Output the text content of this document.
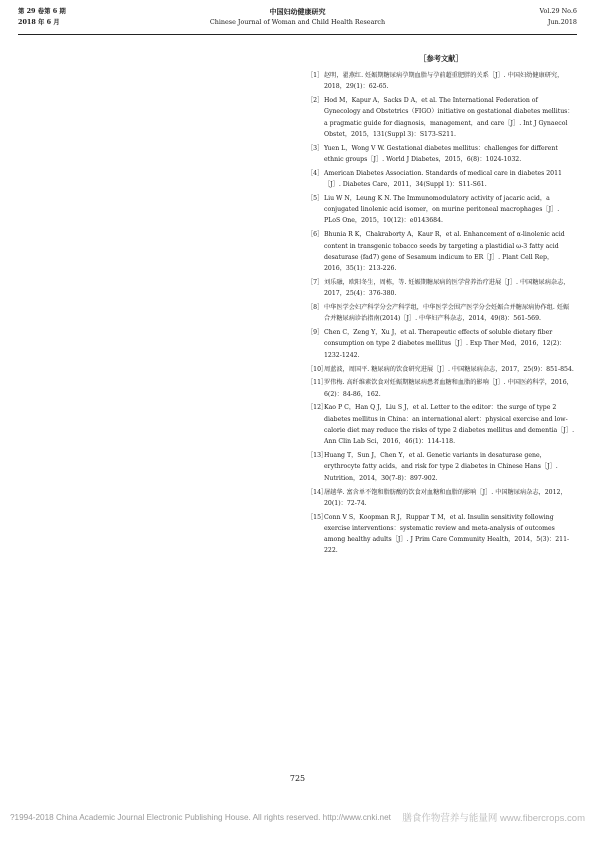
第 29 卷第 6 期
2018 年 6 月
中国妇幼健康研究
Chinese Journal of Woman and Child Health Research
Vol.29 No.6
Jun.2018

［参考文献］
［1］赵明，翟燕红. 妊娠期糖尿病孕期血脂与孕前超重肥胖的关系［J］. 中国妇幼健康研究，2018，29(1)：62-65.
［2］Hod M，Kapur A，Sacks D A，et al. The International Federation of Gynecology and Obstetrics（FIGO）initiative on gestational diabetes mellitus：a pragmatic guide for diagnosis，management，and care［J］. Int J Gynaecol Obstet，2015，131(Suppl 3)：S173-S211.
［3］Yuen L，Wong V W. Gestational diabetes mellitus：challenges for different ethnic groups［J］. World J Diabetes，2015，6(8)：1024-1032.
［4］American Diabetes Association. Standards of medical care in diabetes 2011［J］. Diabetes Care，2011，34(Suppl 1)：S11-S61.
［5］Liu W N，Leung K N. The Immunomodulatory activity of jacaric acid，a conjugated linolenic acid isomer，on murine peritoneal macrophages［J］. PLoS One，2015，10(12)：e0143684.
［6］Bhunia R K，Chakraborty A，Kaur R，et al. Enhancement of α-linolenic acid content in transgenic tobacco seeds by targeting a plastidial ω-3 fatty acid desaturase (fad7) gene of Sesamum indicum to ER［J］. Plant Cell Rep，2016，35(1)：213-226.
［7］刘乐融，欧阳冬生，周栋，等. 妊娠期糖尿病的医学营养治疗进展［J］. 中国糖尿病杂志，2017，25(4)：376-380.
［8］中华医学会妇产科学分会产科学组，中华医学会围产医学分会妊娠合并糖尿病协作组. 妊娠合并糖尿病诊治指南(2014)［J］. 中华妇产科杂志，2014，49(8)：561-569.
［9］Chen C，Zeng Y，Xu J，et al. Therapeutic effects of soluble dietary fiber consumption on type 2 diabetes mellitus［J］. Exp Ther Med，2016，12(2)：1232-1242.
［10］周蓝波，周国平. 糖尿病的饮食研究进展［J］. 中国糖尿病杂志，2017，25(9)：851-854.
［11］罗伟梅. 高纤维素饮食对妊娠期糖尿病患者血糖和血脂的影响［J］. 中国医药科学，2016，6(2)：84-86，162.
［12］Kao P C，Han Q J，Liu S J，et al. Letter to the editor：the surge of type 2 diabetes mellitus in China：an international alert：physical exercise and low-calorie diet may reduce the risks of type 2 diabetes mellitus and dementia［J］. Ann Clin Lab Sci，2016，46(1)：114-118.
［13］Huang T，Sun J，Chen Y，et al. Genetic variants in desaturase gene，erythrocyte fatty acids，and risk for type 2 diabetes in Chinese Hans［J］. Nutrition，2014，30(7-8)：897-902.
［14］屠越华. 富含单不饱和脂肪酸的饮食对血糖和血脂的影响［J］. 中国糖尿病杂志，2012，20(1)：72-74.
［15］Conn V S，Koopman R J，Ruppar T M，et al. Insulin sensitivity following exercise interventions：systematic review and meta-analysis of outcomes among healthy adults［J］. J Prim Care Community Health，2014，5(3)：211-222.
725
?1994-2018 China Academic Journal Electronic Publishing House. All rights reserved. http://www.cnki.net 膳食作物营养与能量网 www.fibercrops.com
